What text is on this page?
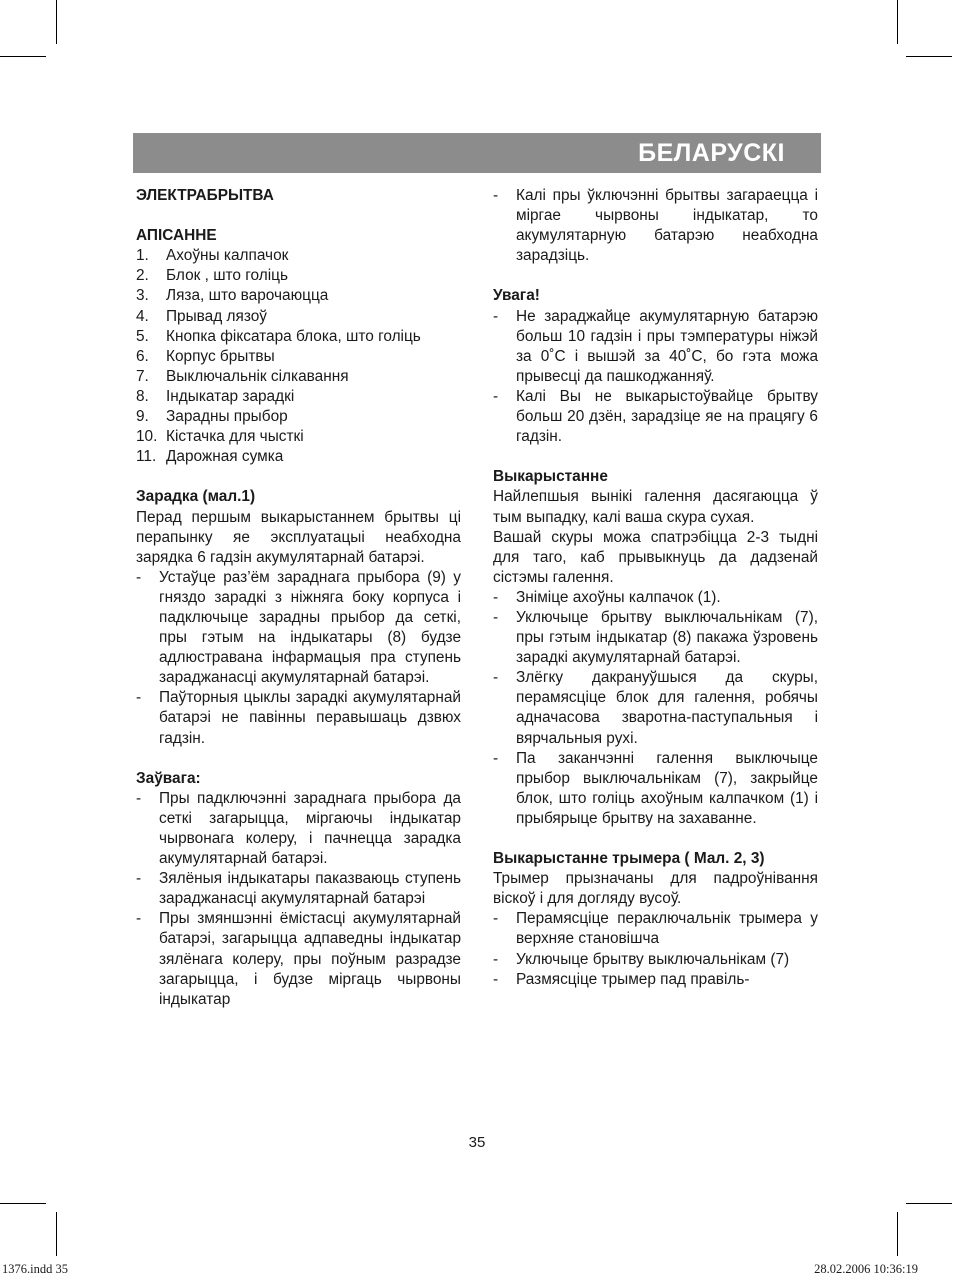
БЕЛАРУСКІ
ЭЛЕКТРАБРЫТВА
АПІСАННЕ
1. Ахоўны калпачок
2. Блок , што голіць
3. Ляза, што варочаюцца
4. Прывад лязоў
5. Кнопка фіксатара блока, што голіць
6. Корпус брытвы
7. Выключальнік сілкавання
8. Індыкатар зарадкі
9. Зарадны прыбор
10. Кістачка для чысткі
11. Дарожная сумка
Зарадка (мал.1)
Перад першым выкарыстаннем брытвы ці перапынку яе эксплуатацыі неабходна зарядка 6 гадзін акумулятарнай батарэі.
- Устаўце раз’ём зараднага прыбора (9) у гняздо зарадкі з ніжняга боку корпуса і падключыце зарадны прыбор да сеткі, пры гэтым на індыкатары (8) будзе адлюстравана інфармацыя пра ступень зараджанасці акумулятарнай батарэі.
- Паўторныя цыклы зарадкі акумулятарнай батарэі не павінны перавышаць дзвюх гадзін.
Заўвага:
- Пры падключэнні зараднага прыбора да сеткі загарыцца, міргаючы індыкатар чырвонага колеру, і пачнецца зарадка акумулятарнай батарэі.
- Зялёныя індыкатары паказваюць ступень зараджанасці акумулятарнай батарэі
- Пры змяншэнні ёмістасці акумулятарнай батарэі, загарыцца адпаведны індыкатар зялёнага колеру, пры поўным разрадзе загарыцца, і будзе міргаць чырвоны індыкатар
- Калі пры ўключэнні брытвы загараецца і міргае чырвоны індыкатар, то акумулятарную батарэю неабходна зарадзіць.
Увага!
- Не зараджайце акумулятарную батарэю больш 10 гадзін і пры тэмпературы ніжэй за 0˚С і вышэй за 40˚С, бо гэта можа прывесці да пашкоджанняў.
- Калі Вы не выкарыстоўвайце брытву больш 20 дзён, зарадзіце яе на працягу 6 гадзін.
Выкарыстанне
Найлепшыя вынікі галення дасягаюцца ў тым выпадку, калі ваша скура сухая.
Вашай скуры можа спатрэбіцца 2-3 тыдні для таго, каб прывыкнуць да дадзенай сістэмы галення.
- Зніміце ахоўны калпачок (1).
- Уключыце брытву выключальнікам (7), пры гэтым індыкатар (8) пакажа ўзровень зарадкі акумулятарнай батарэі.
- Злёгку дакрануўшыся да скуры, перамясціце блок для галення, робячы адначасова зваротна-паступальныя і вярчальныя рухі.
- Па заканчэнні галення выключыце прыбор выключальнікам (7), закрыйце блок, што голіць ахоўным калпачком (1) і прыбярыце брытву на захаванне.
Выкарыстанне трымера ( Мал. 2, 3)
Трымер прызначаны для падроўнівання віскоў і для догляду вусоў.
- Перамясціце пераключальнік трымера у верхняе становішча
- Уключыце брытву выключальнікам (7)
- Размясціце трымер пад правіль-
35
1376.indd 35	28.02.2006 10:36:19
